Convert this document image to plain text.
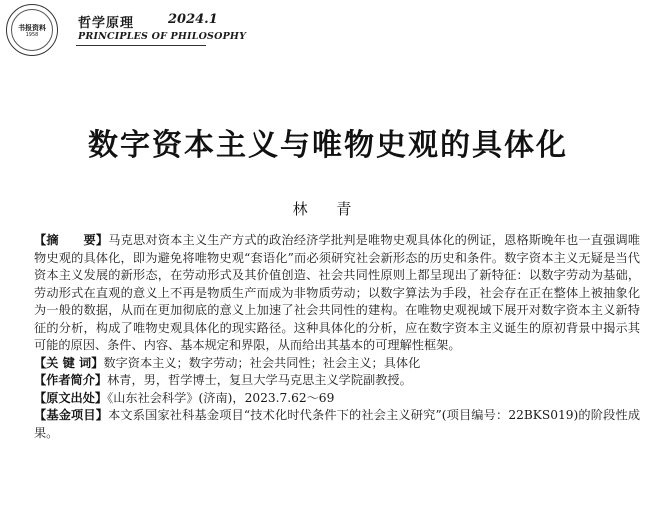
书报资料
1958
哲学原理	2024.1
PRINCIPLES OF PHILOSOPHY
数字资本主义与唯物史观的具体化
林 青

【摘　　要】马克思对资本主义生产方式的政治经济学批判是唯物史观具体化的例证，恩格斯晚年也一直强调唯物史观的具体化，即为避免将唯物史观“套语化”而必须研究社会新形态的历史和条件。数字资本主义无疑是当代资本主义发展的新形态，在劳动形式及其价值创造、社会共同性原则上都呈现出了新特征：以数字劳动为基础，劳动形式在直观的意义上不再是物质生产而成为非物质劳动；以数字算法为手段，社会存在正在整体上被抽象化为一般的数据，从而在更加彻底的意义上加速了社会共同性的建构。在唯物史观视域下展开对数字资本主义新特征的分析，构成了唯物史观具体化的现实路径。这种具体化的分析，应在数字资本主义诞生的原初背景中揭示其可能的原因、条件、内容、基本规定和界限，从而给出其基本的可理解性框架。

【关 键 词】数字资本主义；数字劳动；社会共同性；社会主义；具体化

【作者简介】林青，男，哲学博士，复旦大学马克思主义学院副教授。

【原文出处】《山东社会科学》(济南)，2023.7.62～69

【基金项目】本文系国家社科基金项目“技术化时代条件下的社会主义研究”(项目编号：22BKS019)的阶段性成果。
